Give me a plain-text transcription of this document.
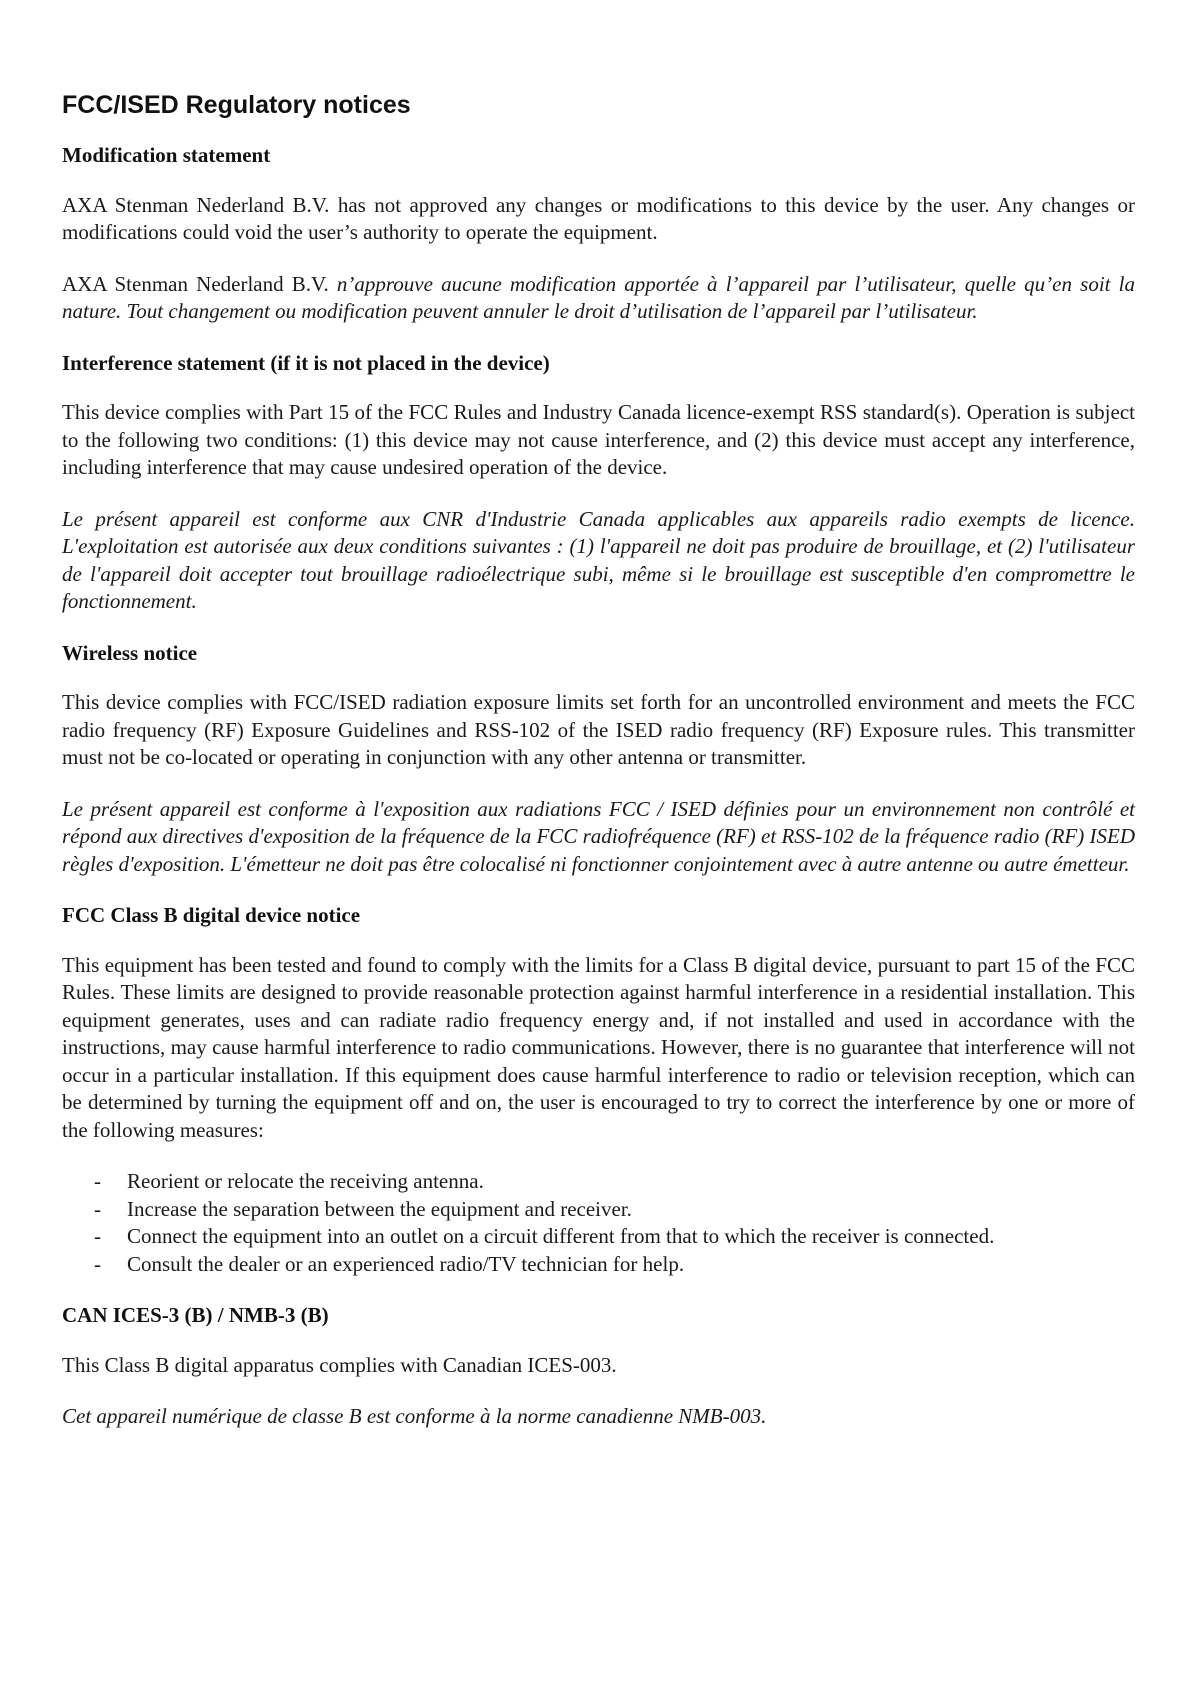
FCC/ISED Regulatory notices
Modification statement

AXA Stenman Nederland B.V. has not approved any changes or modifications to this device by the user. Any changes or modifications could void the user’s authority to operate the equipment.

AXA Stenman Nederland B.V. n’approuve aucune modification apportée à l’appareil par l’utilisateur, quelle qu’en soit la nature. Tout changement ou modification peuvent annuler le droit d’utilisation de l’appareil par l’utilisateur.

Interference statement (if it is not placed in the device)

This device complies with Part 15 of the FCC Rules and Industry Canada licence-exempt RSS standard(s). Operation is subject to the following two conditions: (1) this device may not cause interference, and (2) this device must accept any interference, including interference that may cause undesired operation of the device.

Le présent appareil est conforme aux CNR d'Industrie Canada applicables aux appareils radio exempts de licence. L'exploitation est autorisée aux deux conditions suivantes : (1) l'appareil ne doit pas produire de brouillage, et (2) l'utilisateur de l'appareil doit accepter tout brouillage radioélectrique subi, même si le brouillage est susceptible d'en compromettre le fonctionnement.

Wireless notice

This device complies with FCC/ISED radiation exposure limits set forth for an uncontrolled environment and meets the FCC radio frequency (RF) Exposure Guidelines and RSS-102 of the ISED radio frequency (RF) Exposure rules. This transmitter must not be co-located or operating in conjunction with any other antenna or transmitter.

Le présent appareil est conforme à l'exposition aux radiations FCC / ISED définies pour un environnement non contrôlé et répond aux directives d'exposition de la fréquence de la FCC radiofréquence (RF) et RSS-102 de la fréquence radio (RF) ISED règles d'exposition. L'émetteur ne doit pas être colocalisé ni fonctionner conjointement avec à autre antenne ou autre émetteur.

FCC Class B digital device notice

This equipment has been tested and found to comply with the limits for a Class B digital device, pursuant to part 15 of the FCC Rules. These limits are designed to provide reasonable protection against harmful interference in a residential installation. This equipment generates, uses and can radiate radio frequency energy and, if not installed and used in accordance with the instructions, may cause harmful interference to radio communications. However, there is no guarantee that interference will not occur in a particular installation. If this equipment does cause harmful interference to radio or television reception, which can be determined by turning the equipment off and on, the user is encouraged to try to correct the interference by one or more of the following measures:

- Reorient or relocate the receiving antenna.
- Increase the separation between the equipment and receiver.
- Connect the equipment into an outlet on a circuit different from that to which the receiver is connected.
- Consult the dealer or an experienced radio/TV technician for help.
CAN ICES-3 (B) / NMB-3 (B)

This Class B digital apparatus complies with Canadian ICES-003.

Cet appareil numérique de classe B est conforme à la norme canadienne NMB-003.
